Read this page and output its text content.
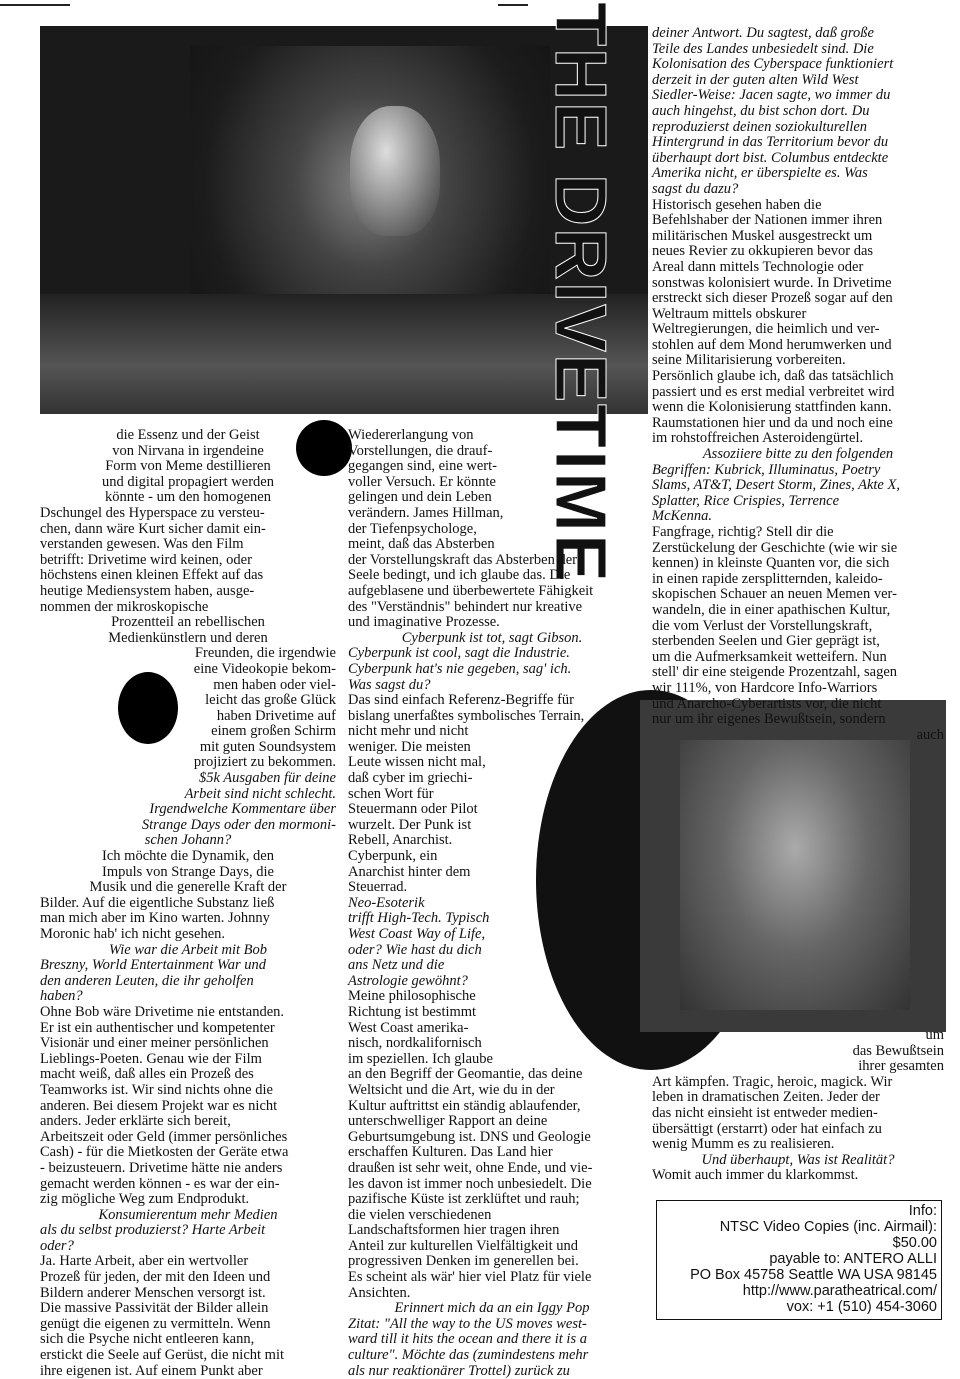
THE DRIVETIME

die Essenz und der Geist

von Nirvana in irgendeine

Form von Meme destillieren

und digital propagiert werden

könnte - um den homogenen

Dschungel des Hyperspace zu versteu-

chen, dann wäre Kurt sicher damit ein-

verstanden gewesen. Was den Film

betrifft: Drivetime wird keinen, oder

höchstens einen kleinen Effekt auf das

heutige Mediensystem haben, ausge-

nommen der mikroskopische

Prozentteil an rebellischen

Medienkünstlern und deren

Freunden, die irgendwie

eine Videokopie bekom-

men haben oder viel-

leicht das große Glück

haben Drivetime auf

einem großen Schirm

mit guten Soundsystem

projiziert zu bekommen.

$5k Ausgaben für deine

Arbeit sind nicht schlecht.

Irgendwelche Kommentare über

Strange Days oder den mormoni-

schen Johann?

Ich möchte die Dynamik, den

Impuls von Strange Days, die

Musik und die generelle Kraft der

Bilder. Auf die eigentliche Substanz ließ

man mich aber im Kino warten. Johnny

Moronic hab' ich nicht gesehen.

Wie war die Arbeit mit Bob

Breszny, World Entertainment War und

den anderen Leuten, die ihr geholfen

haben?

Ohne Bob wäre Drivetime nie entstanden.

Er ist ein authentischer und kompetenter

Visionär und einer meiner persönlichen

Lieblings-Poeten. Genau wie der Film

macht weiß, daß alles ein Prozeß des

Teamworks ist. Wir sind nichts ohne die

anderen. Bei diesem Projekt war es nicht

anders. Jeder erklärte sich bereit,

Arbeitszeit oder Geld (immer persönliches

Cash) - für die Mietkosten der Geräte etwa

- beizusteuern. Drivetime hätte nie anders

gemacht werden können - es war der ein-

zig mögliche Weg zum Endprodukt.

Konsumierentum mehr Medien

als du selbst produzierst? Harte Arbeit

oder?

Ja. Harte Arbeit, aber ein wertvoller

Prozeß für jeden, der mit den Ideen und

Bildern anderer Menschen versorgt ist.

Die massive Passivität der Bilder allein

genügt die eigenen zu vermitteln. Wenn

sich die Psyche nicht entleeren kann,

erstickt die Seele auf Gerüst, die nicht mit

ihre eigenen ist. Auf einem Punkt aber

Wiedererlangung von

Vorstellungen, die drauf-

gegangen sind, eine wert-

voller Versuch. Er könnte

gelingen und dein Leben

verändern. James Hillman,

der Tiefenpsychologe,

meint, daß das Absterben

der Vorstellungskraft das Absterben der

Seele bedingt, und ich glaube das. Die

aufgeblasene und überbewertete Fähigkeit

des "Verständnis" behindert nur kreative

und imaginative Prozesse.

Cyberpunk ist tot, sagt Gibson.

Cyberpunk ist cool, sagt die Industrie.

Cyberpunk hat's nie gegeben, sag' ich.

Was sagst du?

Das sind einfach Referenz-Begriffe für

bislang unerfaßtes symbolisches Terrain,

nicht mehr und nicht

weniger. Die meisten

Leute wissen nicht mal,

daß cyber im griechi-

schen Wort für

Steuermann oder Pilot

wurzelt. Der Punk ist

Rebell, Anarchist.

Cyberpunk, ein

Anarchist hinter dem

Steuerrad.

Neo-Esoterik

trifft High-Tech. Typisch

West Coast Way of Life,

oder? Wie hast du dich

ans Netz und die

Astrologie gewöhnt?

Meine philosophische

Richtung ist bestimmt

West Coast amerika-

nisch, nordkalifornisch

im speziellen. Ich glaube

an den Begriff der Geomantie, das deine

Weltsicht und die Art, wie du in der

Kultur auftrittst ein ständig ablaufender,

unterschwelliger Rapport an deine

Geburtsumgebung ist. DNS und Geologie

erschaffen Kulturen. Das Land hier

draußen ist sehr weit, ohne Ende, und vie-

les davon ist immer noch unbesiedelt. Die

pazifische Küste ist zerklüftet und rauh;

die vielen verschiedenen

Landschaftsformen hier tragen ihren

Anteil zur kulturellen Vielfältigkeit und

progressiven Denken im generellen bei.

Es scheint als wär' hier viel Platz für viele

Ansichten.

Erinnert mich da an ein Iggy Pop

Zitat: "All the way to the US moves west-

ward till it hits the ocean and there it is a

culture". Möchte das (zumindestens mehr

als nur reaktionärer Trottel) zurück zu

deiner Antwort. Du sagtest, daß große

Teile des Landes unbesiedelt sind. Die

Kolonisation des Cyberspace funktioniert

derzeit in der guten alten Wild West

Siedler-Weise: Jacen sagte, wo immer du

auch hingehst, du bist schon dort. Du

reproduzierst deinen soziokulturellen

Hintergrund in das Territorium bevor du

überhaupt dort bist. Columbus entdeckte

Amerika nicht, er überspielte es. Was

sagst du dazu?

Historisch gesehen haben die

Befehlshaber der Nationen immer ihren

militärischen Muskel ausgestreckt um

neues Revier zu okkupieren bevor das

Areal dann mittels Technologie oder

sonstwas kolonisiert wurde. In Drivetime

erstreckt sich dieser Prozeß sogar auf den

Weltraum mittels obskurer

Weltregierungen, die heimlich und ver-

stohlen auf dem Mond herumwerken und

seine Militarisierung vorbereiten.

Persönlich glaube ich, daß das tatsächlich

passiert und es erst medial verbreitet wird

wenn die Kolonisierung stattfinden kann.

Raumstationen hier und da und noch eine

im rohstoffreichen Asteroidengürtel.

Assoziiere bitte zu den folgenden

Begriffen: Kubrick, Illuminatus, Poetry

Slams, AT&T, Desert Storm, Zines, Akte X,

Splatter, Rice Crispies, Terrence

McKenna.

Fangfrage, richtig? Stell dir die

Zerstückelung der Geschichte (wie wir sie

kennen) in kleinste Quanten vor, die sich

in einen rapide zersplitternden, kaleido-

skopischen Schauer an neuen Memen ver-

wandeln, die in einer apathischen Kultur,

die vom Verlust der Vorstellungskraft,

sterbenden Seelen und Gier geprägt ist,

um die Aufmerksamkeit wetteifern. Nun

stell' dir eine steigende Prozentzahl, sagen

wir 111%, von Hardcore Info-Warriors

und Anarcho-Cyberartists vor, die nicht

nur um ihr eigenes Bewußtsein, sondern

auch

um

das Bewußtsein

ihrer gesamten

Art kämpfen. Tragic, heroic, magick. Wir

leben in dramatischen Zeiten. Jeder der

das nicht einsieht ist entweder medien-

übersättigt (erstarrt) oder hat einfach zu

wenig Mumm es zu realisieren.

Und überhaupt, Was ist Realität?

Womit auch immer du klarkommst.

Info:
NTSC Video Copies (inc. Airmail):
$50.00
payable to: ANTERO ALLI
PO Box 45758 Seattle WA USA 98145
http://www.paratheatrical.com/
vox: +1 (510) 454-3060
